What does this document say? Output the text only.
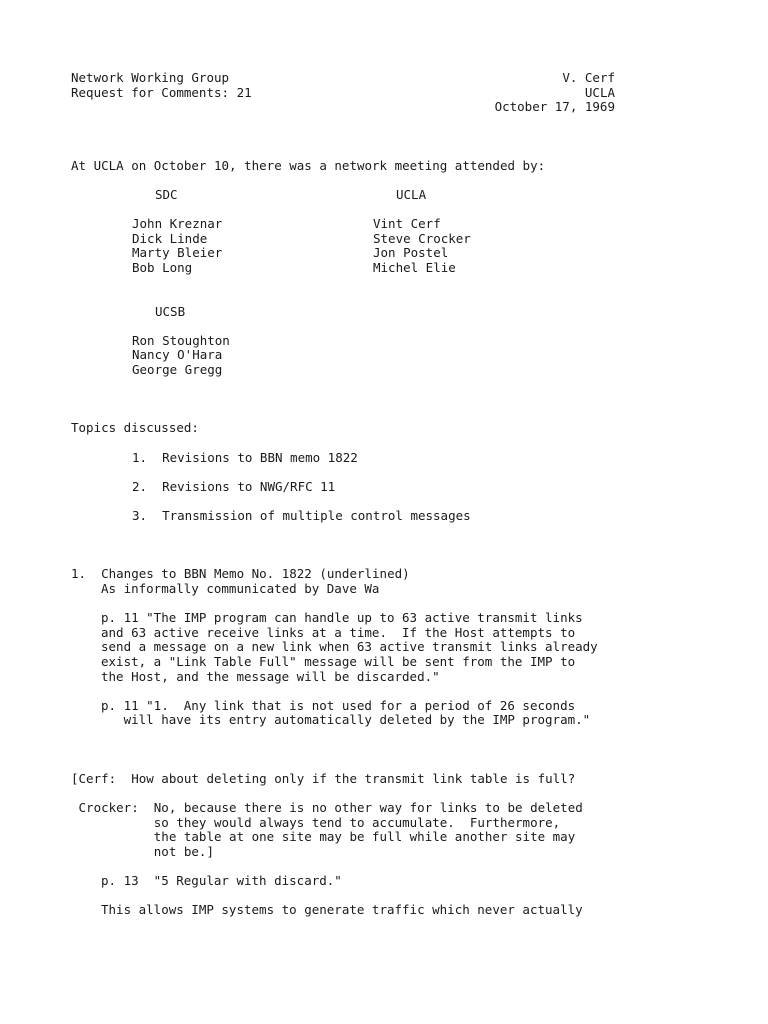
Network Working Group
Request for Comments: 21
V. Cerf
UCLA
October 17, 1969
At UCLA on October 10, there was a network meeting attended by:
SDC	UCLA
John Kreznar
Dick Linde
Marty Bleier
Bob Long
Vint Cerf
Steve Crocker
Jon Postel
Michel Elie
UCSB
Ron Stoughton
Nancy O'Hara
George Gregg
Topics discussed:
1.  Revisions to BBN memo 1822
2.  Revisions to NWG/RFC 11
3.  Transmission of multiple control messages
1.  Changes to BBN Memo No. 1822 (underlined)
As informally communicated by Dave Wa
p. 11 "The IMP program can handle up to 63 active transmit links
and 63 active receive links at a time.  If the Host attempts to
send a message on a new link when 63 active transmit links already
exist, a "Link Table Full" message will be sent from the IMP to
the Host, and the message will be discarded."
p. 11 "1.  Any link that is not used for a period of 26 seconds
will have its entry automatically deleted by the IMP program."
[Cerf:  How about deleting only if the transmit link table is full?
Crocker:  No, because there is no other way for links to be deleted
so they would always tend to accumulate.  Furthermore,
the table at one site may be full while another site may
not be.]
p. 13  "5 Regular with discard."
This allows IMP systems to generate traffic which never actually
